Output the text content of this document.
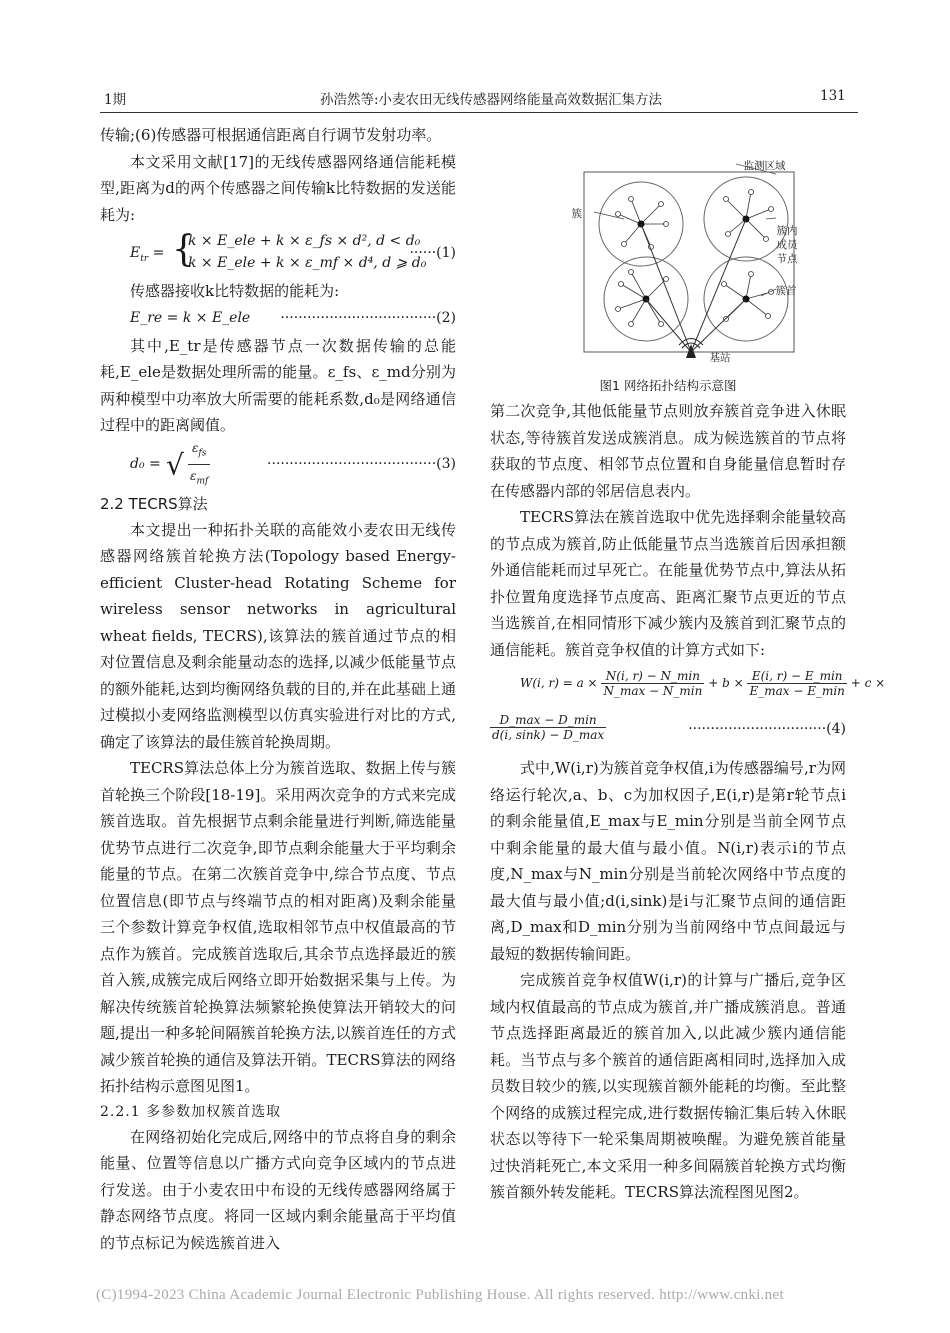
1期	孙浩然等:小麦农田无线传感器网络能量高效数据汇集方法	131

传输;(6)传感器可根据通信距离自行调节发射功率。

本文采用文献[17]的无线传感器网络通信能耗模型,距离为d的两个传感器之间传输k比特数据的发送能耗为:

$E_{tr}$ = {
k × E_ele + k × ε_fs × d², d < d₀
k × E_ele + k × ε_mf × d⁴, d ⩾ d₀
······(1)

传感器接收k比特数据的能耗为:

E_re = k × E_ele ···································(2)

其中,E_tr是传感器节点一次数据传输的总能耗,E_ele是数据处理所需的能量。ε_fs、ε_md分别为两种模型中功率放大所需要的能耗系数,d₀是网络通信过程中的距离阈值。

d₀ = √ $\frac{\varepsilon_{fs}}{\varepsilon_{mf}}$	······································(3)
2.2 TECRS算法

本文提出一种拓扑关联的高能效小麦农田无线传感器网络簇首轮换方法(Topology based Energy-efficient Cluster-head Rotating Scheme for wireless sensor networks in agricultural wheat fields, TECRS),该算法的簇首通过节点的相对位置信息及剩余能量动态的选择,以减少低能量节点的额外能耗,达到均衡网络负载的目的,并在此基础上通过模拟小麦网络监测模型以仿真实验进行对比的方式,确定了该算法的最佳簇首轮换周期。

TECRS算法总体上分为簇首选取、数据上传与簇首轮换三个阶段[18-19]。采用两次竞争的方式来完成簇首选取。首先根据节点剩余能量进行判断,筛选能量优势节点进行二次竞争,即节点剩余能量大于平均剩余能量的节点。在第二次簇首竞争中,综合节点度、节点位置信息(即节点与终端节点的相对距离)及剩余能量三个参数计算竞争权值,选取相邻节点中权值最高的节点作为簇首。完成簇首选取后,其余节点选择最近的簇首入簇,成簇完成后网络立即开始数据采集与上传。为解决传统簇首轮换算法频繁轮换使算法开销较大的问题,提出一种多轮间隔簇首轮换方法,以簇首连任的方式减少簇首轮换的通信及算法开销。TECRS算法的网络拓扑结构示意图见图1。

2.2.1 多参数加权簇首选取

在网络初始化完成后,网络中的节点将自身的剩余能量、位置等信息以广播方式向竞争区域内的节点进行发送。由于小麦农田中布设的无线传感器网络属于静态网络节点度。将同一区域内剩余能量高于平均值的节点标记为候选簇首进入

监测区域
簇
簇内成员
节点
簇首
基站
图1 网络拓扑结构示意图

第二次竞争,其他低能量节点则放弃簇首竞争进入休眠状态,等待簇首发送成簇消息。成为候选簇首的节点将获取的节点度、相邻节点位置和自身能量信息暂时存在传感器内部的邻居信息表内。

TECRS算法在簇首选取中优先选择剩余能量较高的节点成为簇首,防止低能量节点当选簇首后因承担额外通信能耗而过早死亡。在能量优势节点中,算法从拓扑位置角度选择节点度高、距离汇聚节点更近的节点当选簇首,在相同情形下减少簇内及簇首到汇聚节点的通信能耗。簇首竞争权值的计算方式如下:

W(i, $r) = a \times \frac{N(i, r) - N\_\min}{N\_\max - N\_\min} + b \times \frac{E(i, r) - E\_\min}{E\_\max - E\_\min} + c$ ×
$\frac{D\_\max - D\_\min}{d(i, \sin k) - D\_\max}$	·······························(4)

式中,W(i,r)为簇首竞争权值,i为传感器编号,r为网络运行轮次,a、b、c为加权因子,E(i,r)是第r轮节点i的剩余能量值,E_max与E_min分别是当前全网节点中剩余能量的最大值与最小值。N(i,r)表示i的节点度,N_max与N_min分别是当前轮次网络中节点度的最大值与最小值;d(i,sink)是i与汇聚节点间的通信距离,D_max和D_min分别为当前网络中节点间最远与最短的数据传输间距。

完成簇首竞争权值W(i,r)的计算与广播后,竞争区域内权值最高的节点成为簇首,并广播成簇消息。普通节点选择距离最近的簇首加入,以此减少簇内通信能耗。当节点与多个簇首的通信距离相同时,选择加入成员数目较少的簇,以实现簇首额外能耗的均衡。至此整个网络的成簇过程完成,进行数据传输汇集后转入休眠状态以等待下一轮采集周期被唤醒。为避免簇首能量过快消耗死亡,本文采用一种多间隔簇首轮换方式均衡簇首额外转发能耗。TECRS算法流程图见图2。

(C)1994-2023 China Academic Journal Electronic Publishing House. All rights reserved. http://www.cnki.net
